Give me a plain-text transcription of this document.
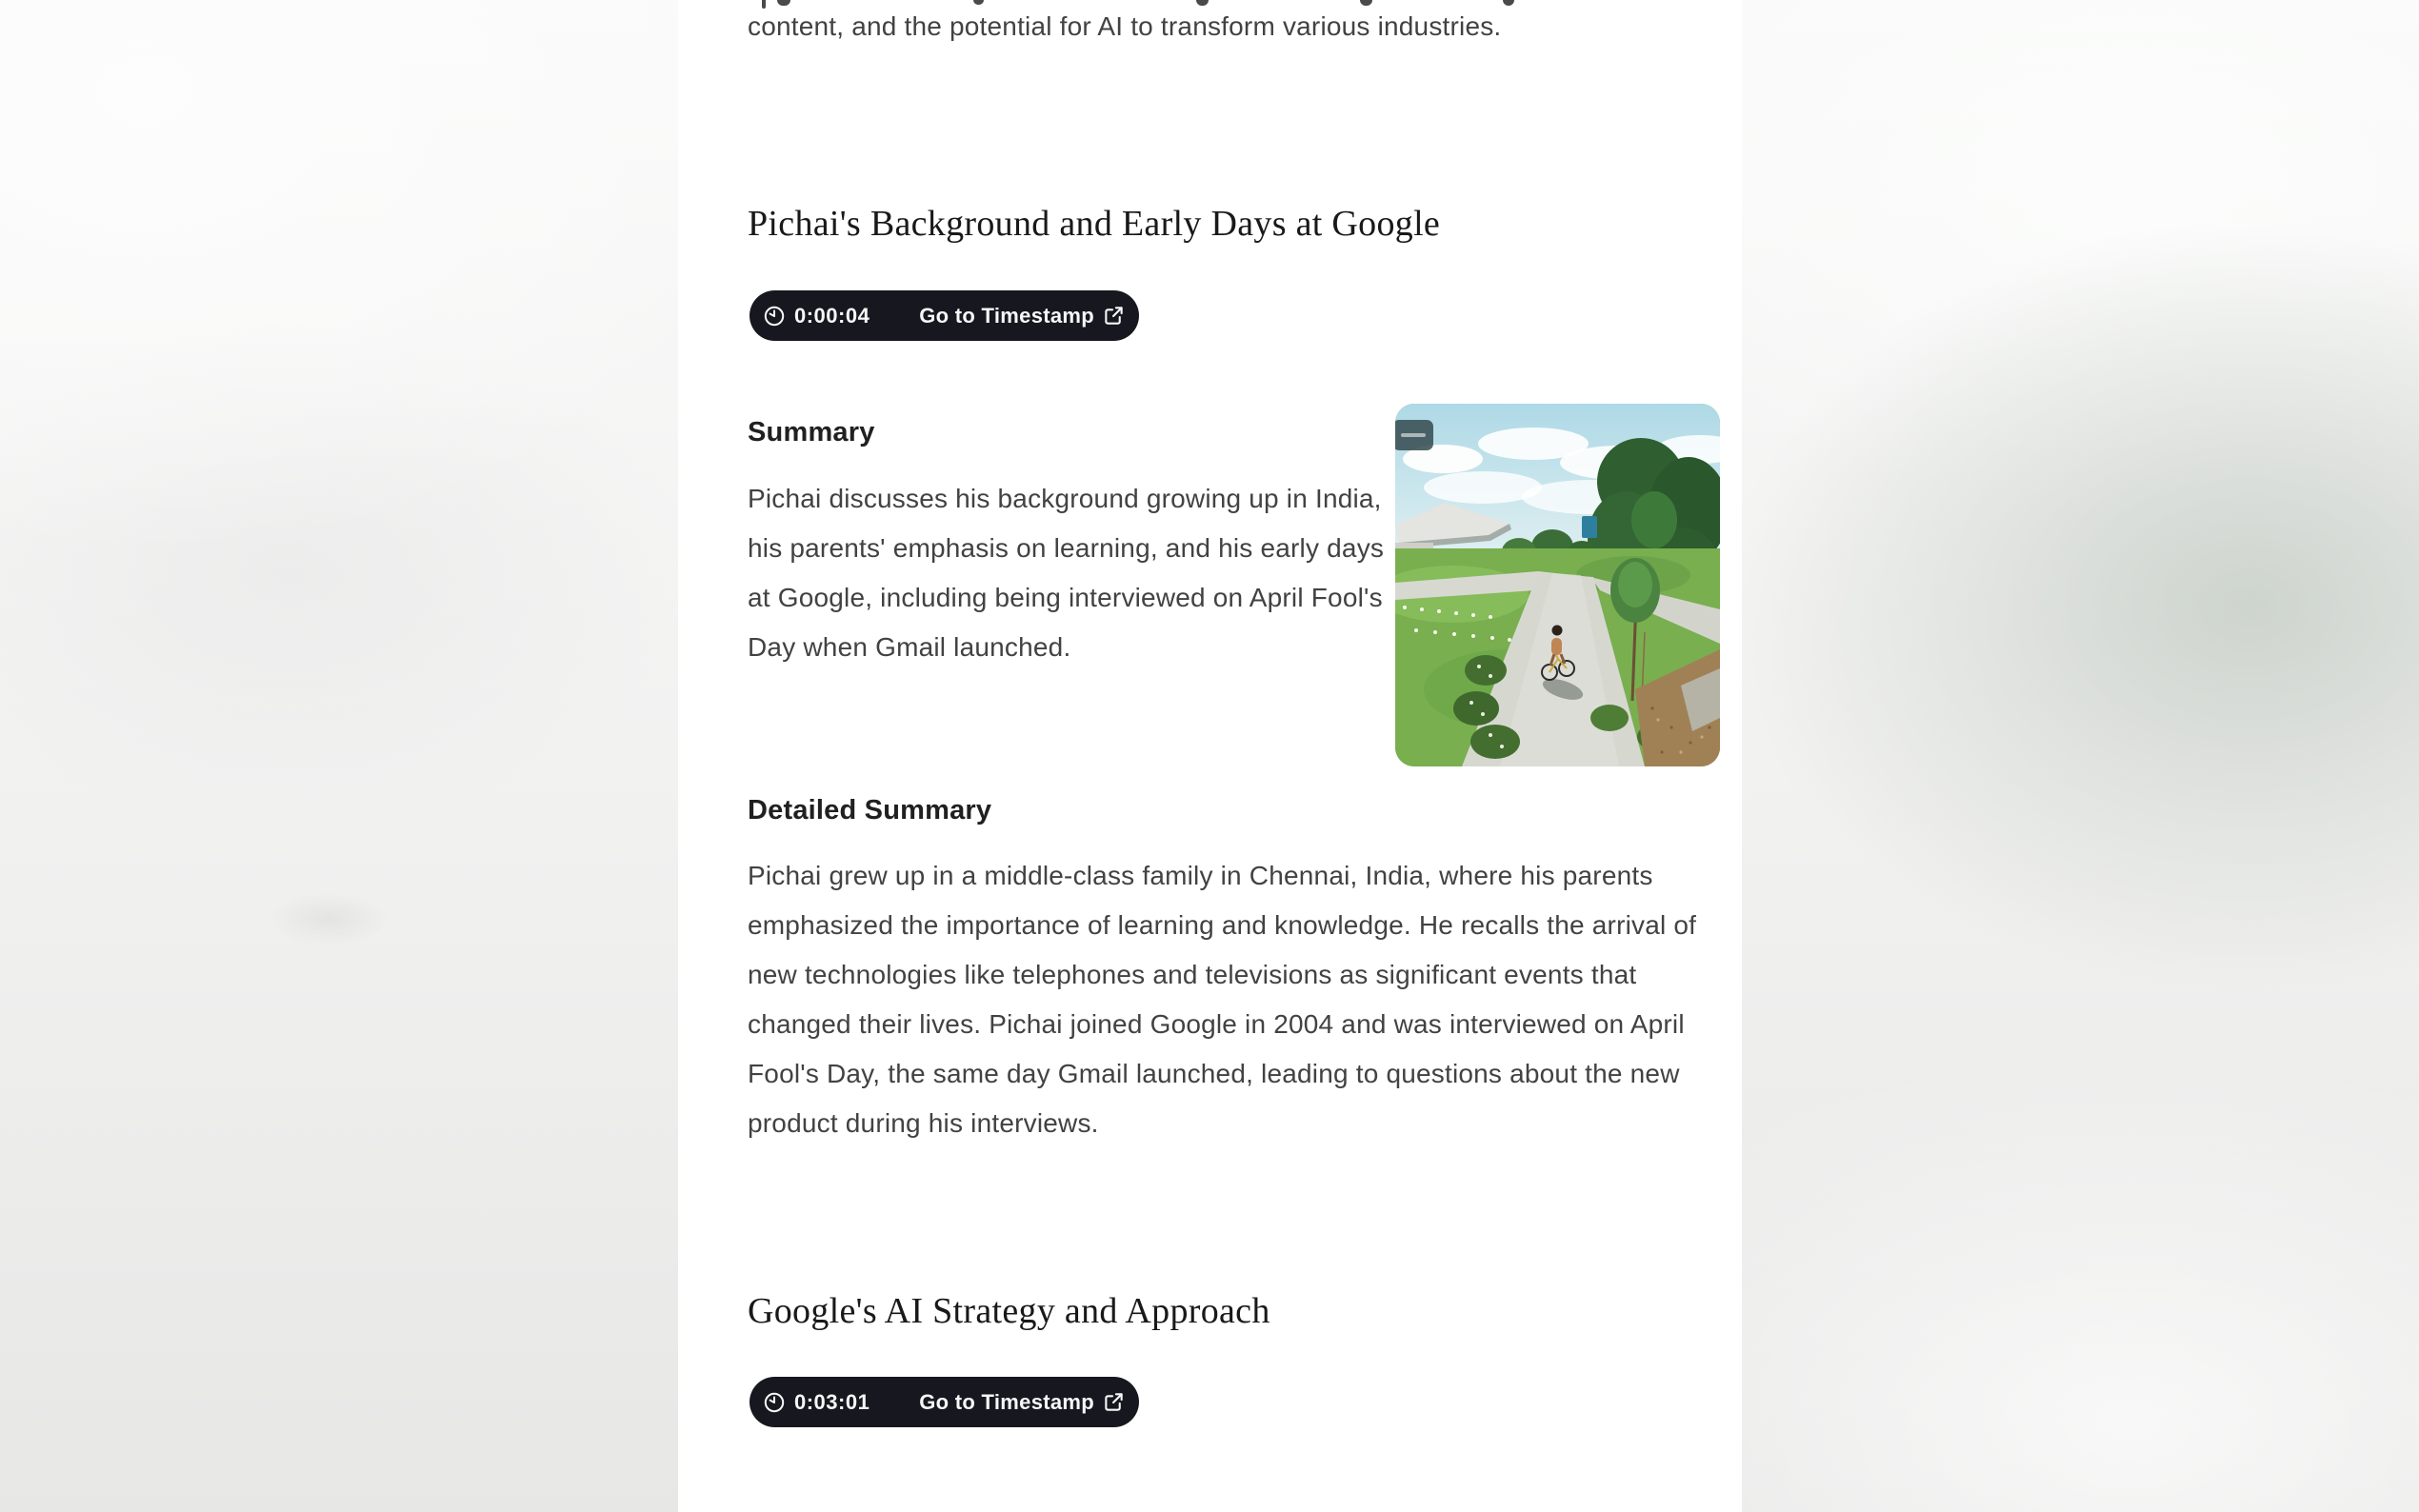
content, and the potential for AI to transform various industries.

Pichai's Background and Early Days at Google
0:00:04 Go to Timestamp
Summary

Pichai discusses his background growing up in India, his parents' emphasis on learning, and his early days at Google, including being interviewed on April Fool's Day when Gmail launched.

Detailed Summary

Pichai grew up in a middle-class family in Chennai, India, where his parents emphasized the importance of learning and knowledge. He recalls the arrival of new technologies like telephones and televisions as significant events that changed their lives. Pichai joined Google in 2004 and was interviewed on April Fool's Day, the same day Gmail launched, leading to questions about the new product during his interviews.

Google's AI Strategy and Approach
0:03:01 Go to Timestamp
